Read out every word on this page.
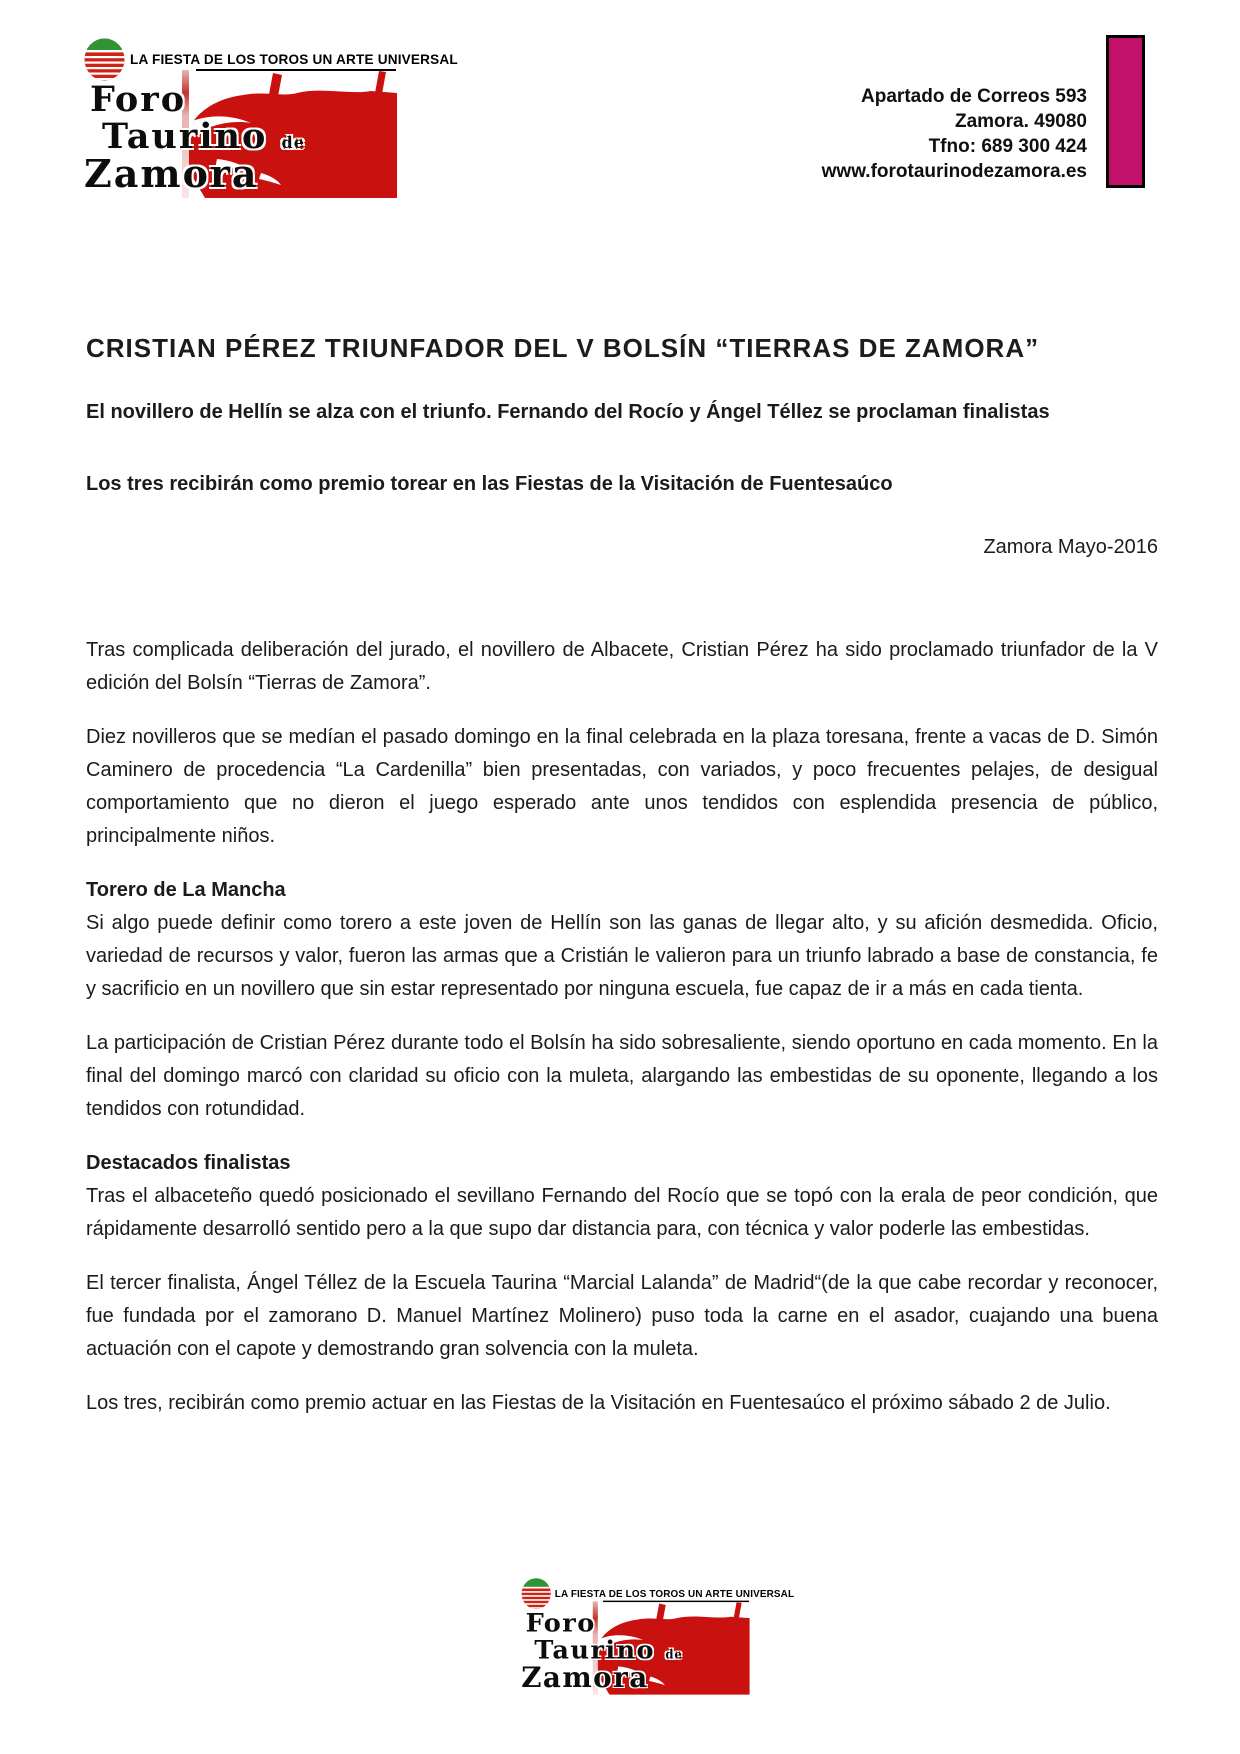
LA FIESTA DE LOS TOROS UN ARTE UNIVERSAL
Foro
Taurino de
Zamora
Apartado de Correos 593
Zamora. 49080
Tfno: 689 300 424
www.forotaurinodezamora.es
CRISTIAN PÉREZ TRIUNFADOR DEL V BOLSÍN “TIERRAS DE ZAMORA”

El novillero de Hellín se alza con el triunfo. Fernando del Rocío y Ángel Téllez se proclaman finalistas

Los tres recibirán como premio torear en las Fiestas de la Visitación de Fuentesaúco

Zamora Mayo-2016

Tras complicada deliberación del jurado, el novillero de Albacete, Cristian Pérez ha sido proclamado triunfador de la V edición del Bolsín “Tierras de Zamora”.

Diez novilleros que se medían el pasado domingo en la final celebrada en la plaza toresana, frente a vacas de D. Simón Caminero de procedencia “La Cardenilla” bien presentadas, con variados, y poco frecuentes pelajes, de desigual comportamiento que no dieron el juego esperado ante unos tendidos con esplendida presencia de público, principalmente niños.

Torero de La Mancha

Si algo puede definir como torero a este joven de Hellín son las ganas de llegar alto, y su afición desmedida. Oficio, variedad de recursos y valor, fueron las armas que a Cristián le valieron para un triunfo labrado a base de constancia, fe y sacrificio en un novillero que sin estar representado por ninguna escuela, fue capaz de ir a más en cada tienta.

La participación de Cristian Pérez durante todo el Bolsín ha sido sobresaliente, siendo oportuno en cada momento. En la final del domingo marcó con claridad su oficio con la muleta, alargando las embestidas de su oponente, llegando a los tendidos con rotundidad.

Destacados finalistas

Tras el albaceteño quedó posicionado el sevillano Fernando del Rocío que se topó con la erala de peor condición, que rápidamente desarrolló sentido pero a la que supo dar distancia para, con técnica y valor poderle las embestidas.

El tercer finalista, Ángel Téllez de la Escuela Taurina “Marcial Lalanda” de Madrid“(de la que cabe recordar y reconocer, fue fundada por el zamorano D. Manuel Martínez Molinero) puso toda la carne en el asador, cuajando una buena actuación con el capote y demostrando gran solvencia con la muleta.

Los tres, recibirán como premio actuar en las Fiestas de la Visitación en Fuentesaúco el próximo sábado 2 de Julio.

LA FIESTA DE LOS TOROS UN ARTE UNIVERSAL
Foro
Taurino de
Zamora
